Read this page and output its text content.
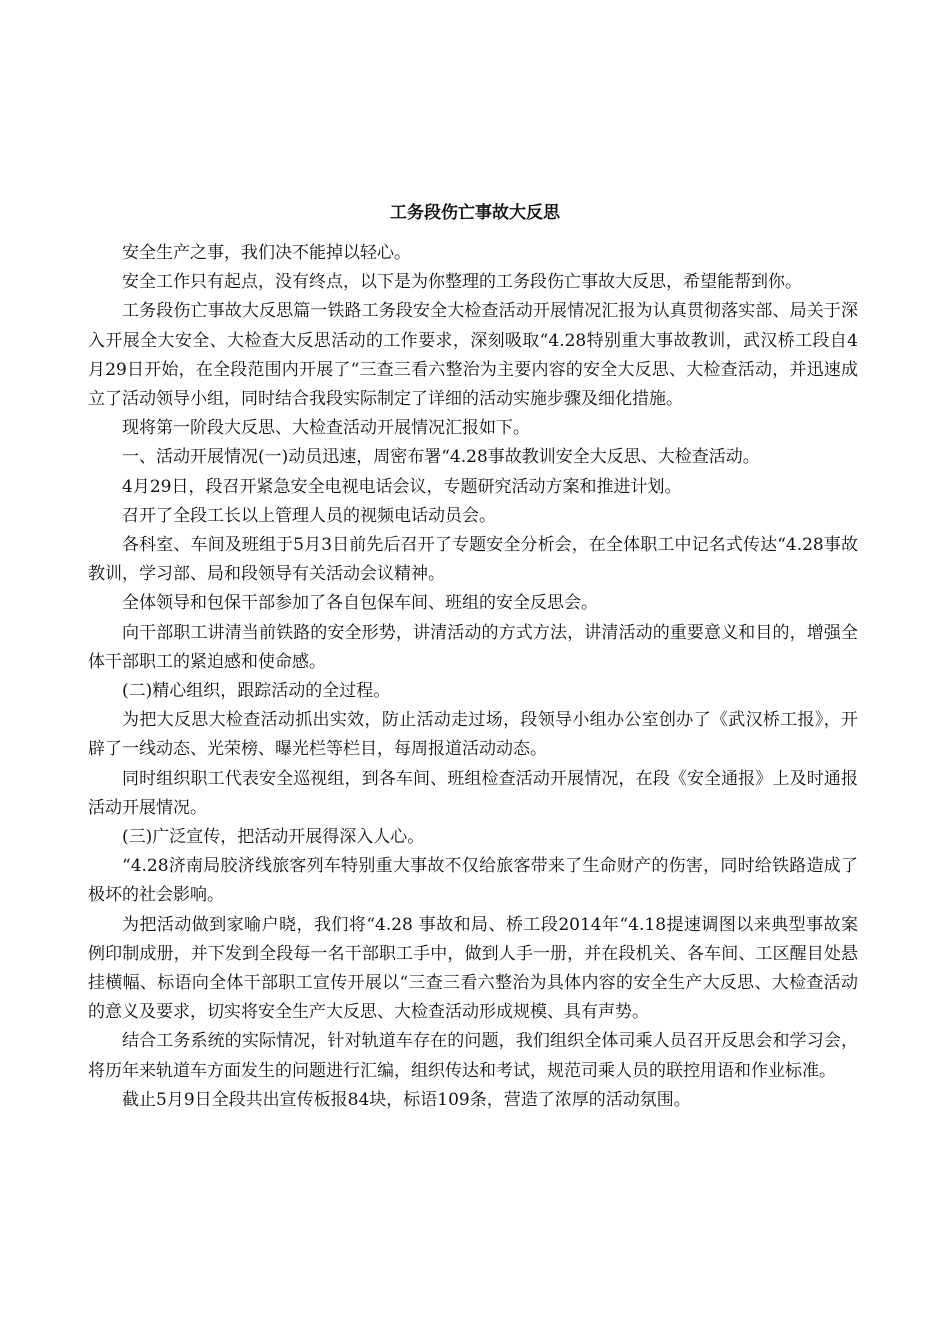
工务段伤亡事故大反思

安全生产之事，我们决不能掉以轻心。

安全工作只有起点，没有终点，以下是为你整理的工务段伤亡事故大反思，希望能帮到你。

工务段伤亡事故大反思篇一铁路工务段安全大检查活动开展情况汇报为认真贯彻落实部、局关于深入开展全大安全、大检查大反思活动的工作要求，深刻吸取“4.28特别重大事故教训，武汉桥工段自4月29日开始，在全段范围内开展了“三查三看六整治为主要内容的安全大反思、大检查活动，并迅速成立了活动领导小组，同时结合我段实际制定了详细的活动实施步骤及细化措施。

现将第一阶段大反思、大检查活动开展情况汇报如下。

一、活动开展情况(一)动员迅速，周密布署“4.28事故教训安全大反思、大检查活动。

4月29日，段召开紧急安全电视电话会议，专题研究活动方案和推进计划。

召开了全段工长以上管理人员的视频电话动员会。

各科室、车间及班组于5月3日前先后召开了专题安全分析会，在全体职工中记名式传达“4.28事故教训，学习部、局和段领导有关活动会议精神。

全体领导和包保干部参加了各自包保车间、班组的安全反思会。

向干部职工讲清当前铁路的安全形势，讲清活动的方式方法，讲清活动的重要意义和目的，增强全体干部职工的紧迫感和使命感。

(二)精心组织，跟踪活动的全过程。

为把大反思大检查活动抓出实效，防止活动走过场，段领导小组办公室创办了《武汉桥工报》，开辟了一线动态、光荣榜、曝光栏等栏目，每周报道活动动态。

同时组织职工代表安全巡视组，到各车间、班组检查活动开展情况，在段《安全通报》上及时通报活动开展情况。

(三)广泛宣传，把活动开展得深入人心。

“4.28济南局胶济线旅客列车特别重大事故不仅给旅客带来了生命财产的伤害，同时给铁路造成了极坏的社会影响。

为把活动做到家喻户晓，我们将“4.28 事故和局、桥工段2014年“4.18提速调图以来典型事故案例印制成册，并下发到全段每一名干部职工手中，做到人手一册，并在段机关、各车间、工区醒目处悬挂横幅、标语向全体干部职工宣传开展以“三查三看六整治为具体内容的安全生产大反思、大检查活动的意义及要求，切实将安全生产大反思、大检查活动形成规模、具有声势。

结合工务系统的实际情况，针对轨道车存在的问题，我们组织全体司乘人员召开反思会和学习会，将历年来轨道车方面发生的问题进行汇编，组织传达和考试，规范司乘人员的联控用语和作业标准。

截止5月9日全段共出宣传板报84块，标语109条，营造了浓厚的活动氛围。
